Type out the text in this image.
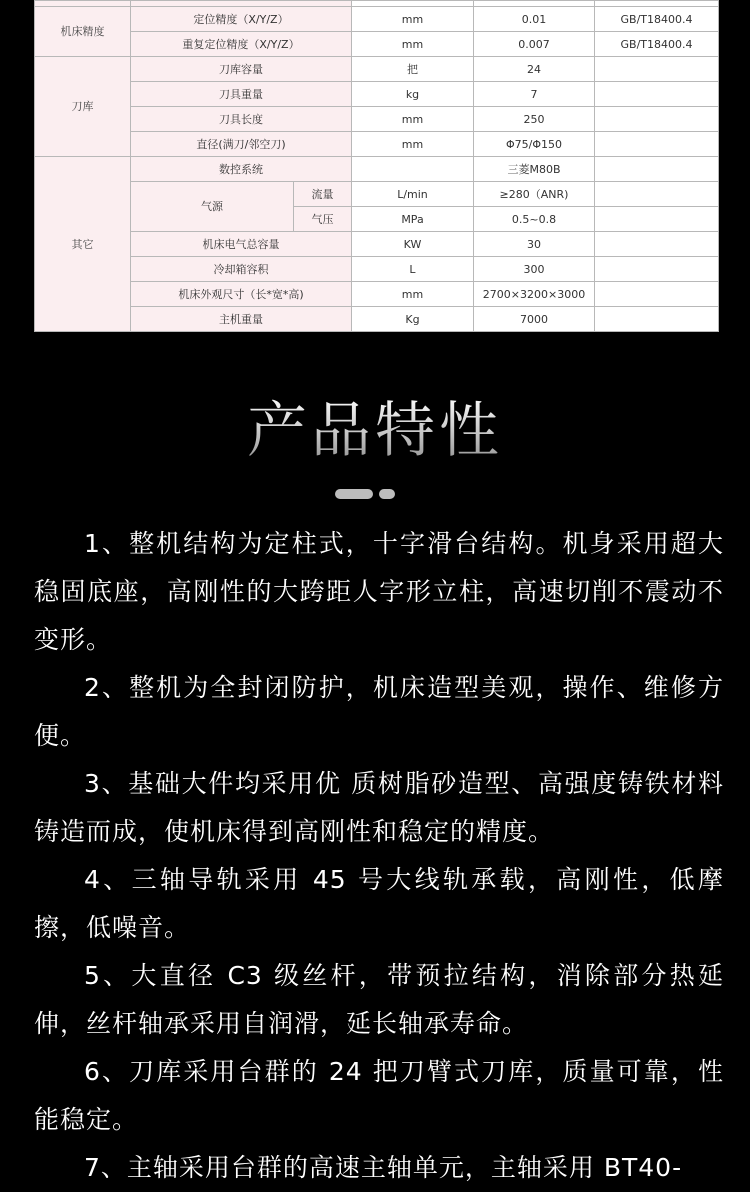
机床精度	定位精度（X/Y/Z）		mm	0.01	GB/T18400.4
	重复定位精度（X/Y/Z）		mm	0.007	GB/T18400.4
刀库	刀库容量		把	24	
	刀具重量		kg	7	
	刀具长度		mm	250	
	直径(满刀/邻空刀)		mm	Φ75/Φ150	
其它	数控系统			三菱M80B	
	气源	流量	L/min	≥280（ANR)	
		气压	MPa	0.5~0.8	
	机床电气总容量		KW	30	
	冷却箱容积		L	300	
	机床外观尺寸（长*宽*高)		mm	2700×3200×3000	
	主机重量		Kg	7000	
产品特性

1、整机结构为定柱式，十字滑台结构。机身采用超大稳固底座，高刚性的大跨距人字形立柱，高速切削不震动不变形。

2、整机为全封闭防护，机床造型美观，操作、维修方便。

3、基础大件均采用优 质树脂砂造型、高强度铸铁材料铸造而成，使机床得到高刚性和稳定的精度。

4、三轴导轨采用 45 号大线轨承载，高刚性，低摩擦，低噪音。

5、大直径 C3 级丝杆，带预拉结构，消除部分热延伸，丝杆轴承采用自润滑，延长轴承寿命。

6、刀库采用台群的 24 把刀臂式刀库，质量可靠，性能稳定。

7、主轴采用台群的高速主轴单元，主轴采用 BT40-
